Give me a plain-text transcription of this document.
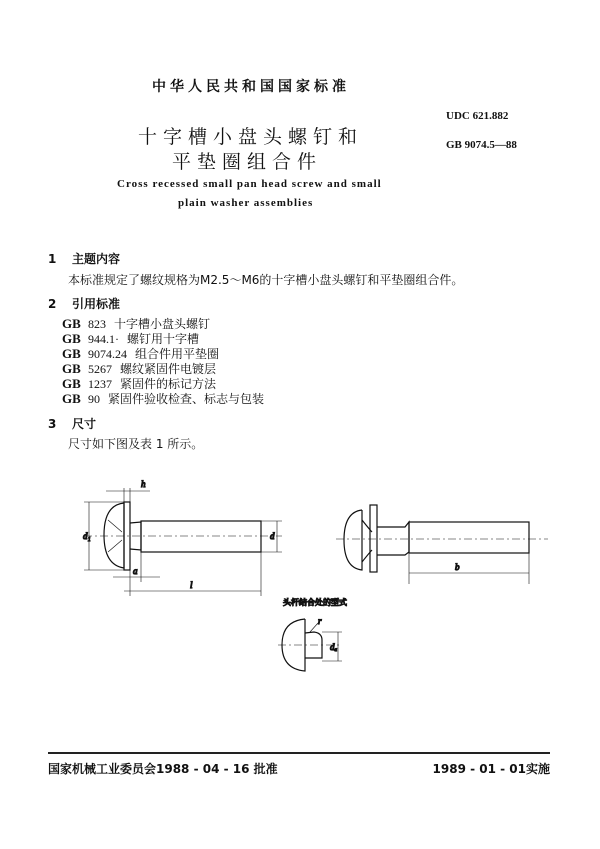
中华人民共和国国家标准
UDC 621.882
GB 9074.5—88
十字槽小盘头螺钉和
平垫圈组合件
Cross recessed small pan head screw and small
plain washer assemblies
1 主题内容
本标准规定了螺纹规格为M2.5～M6的十字槽小盘头螺钉和平垫圈组合件。
2 引用标准
GB 823 十字槽小盘头螺钉
GB 944.1· 螺钉用十字槽
GB 9074.24 组合件用平垫圈
GB 5267 螺纹紧固件电镀层
GB 1237 紧固件的标记方法
GB 90 紧固件验收检查、标志与包装
3 尺寸
尺寸如下图及表 1 所示。
h
d₁	d
a
l
b
头杆结合处的型式
r
dₐ
国家机械工业委员会1988 - 04 - 16 批准	1989 - 01 - 01实施
